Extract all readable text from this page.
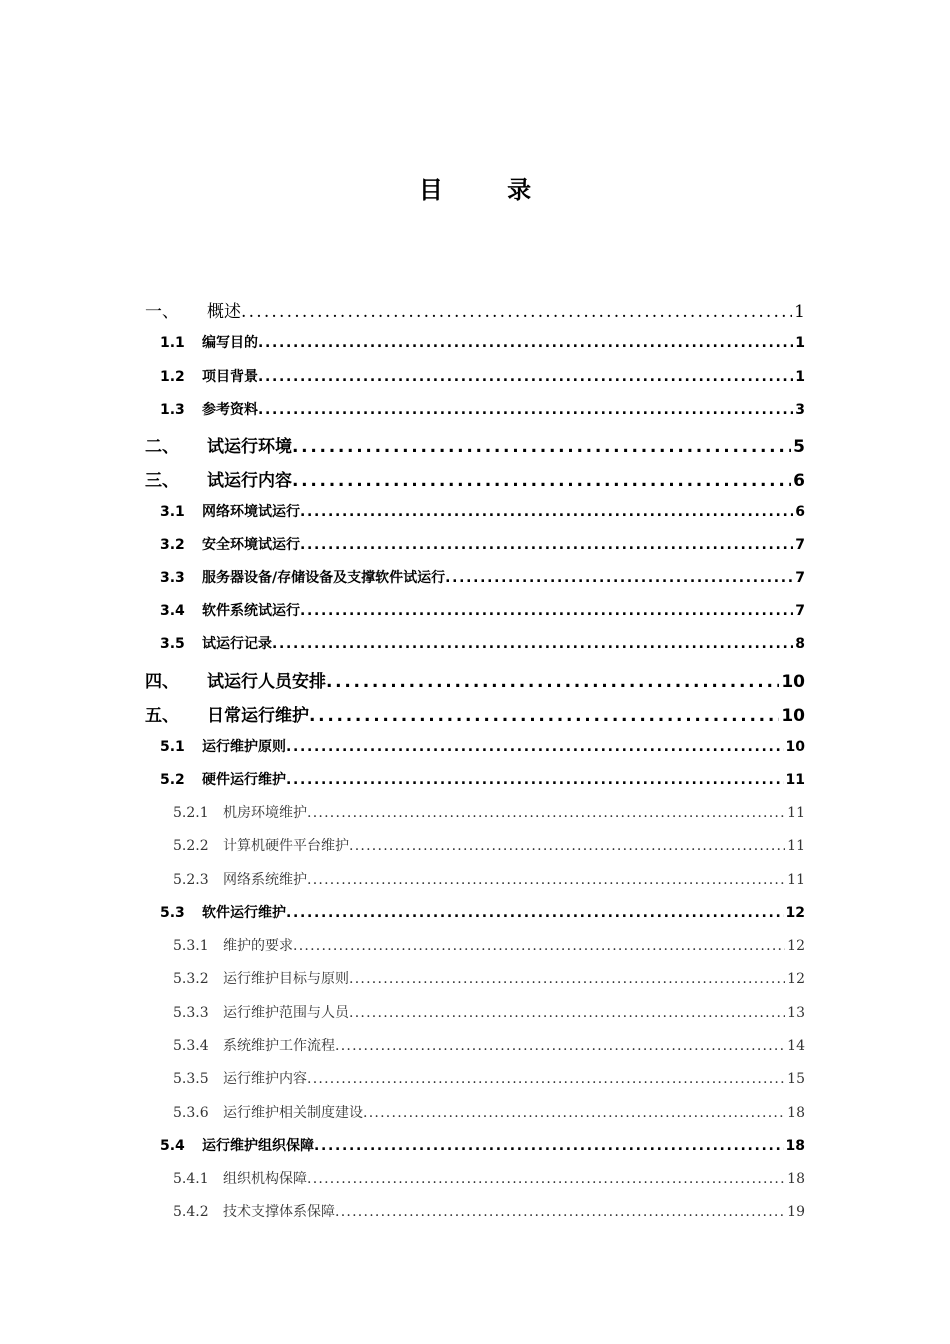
目 录
一、	概述 . . .	1
1.1	编写目的 . . .	1
1.2	项目背景 . . .	1
1.3	参考资料 . . .	3
二、	试运行环境 . . .	5
三、	试运行内容 . . .	6
3.1	网络环境试运行 . . .	6
3.2	安全环境试运行 . . .	7
3.3	服务器设备/存储设备及支撑软件试运行 . . .	7
3.4	软件系统试运行 . . .	7
3.5	试运行记录 . . .	8
四、	试运行人员安排 . . .	10
五、	日常运行维护 . . .	10
5.1	运行维护原则 . . .	10
5.2	硬件运行维护 . . .	11
5.2.1	机房环境维护 . . .	11
5.2.2	计算机硬件平台维护 . . .	11
5.2.3	网络系统维护 . . .	11
5.3	软件运行维护 . . .	12
5.3.1	维护的要求 . . .	12
5.3.2	运行维护目标与原则 . . .	12
5.3.3	运行维护范围与人员 . . .	13
5.3.4	系统维护工作流程 . . .	14
5.3.5	运行维护内容 . . .	15
5.3.6	运行维护相关制度建设 . . .	18
5.4	运行维护组织保障 . . .	18
5.4.1	组织机构保障 . . .	18
5.4.2	技术支撑体系保障 . . .	19
